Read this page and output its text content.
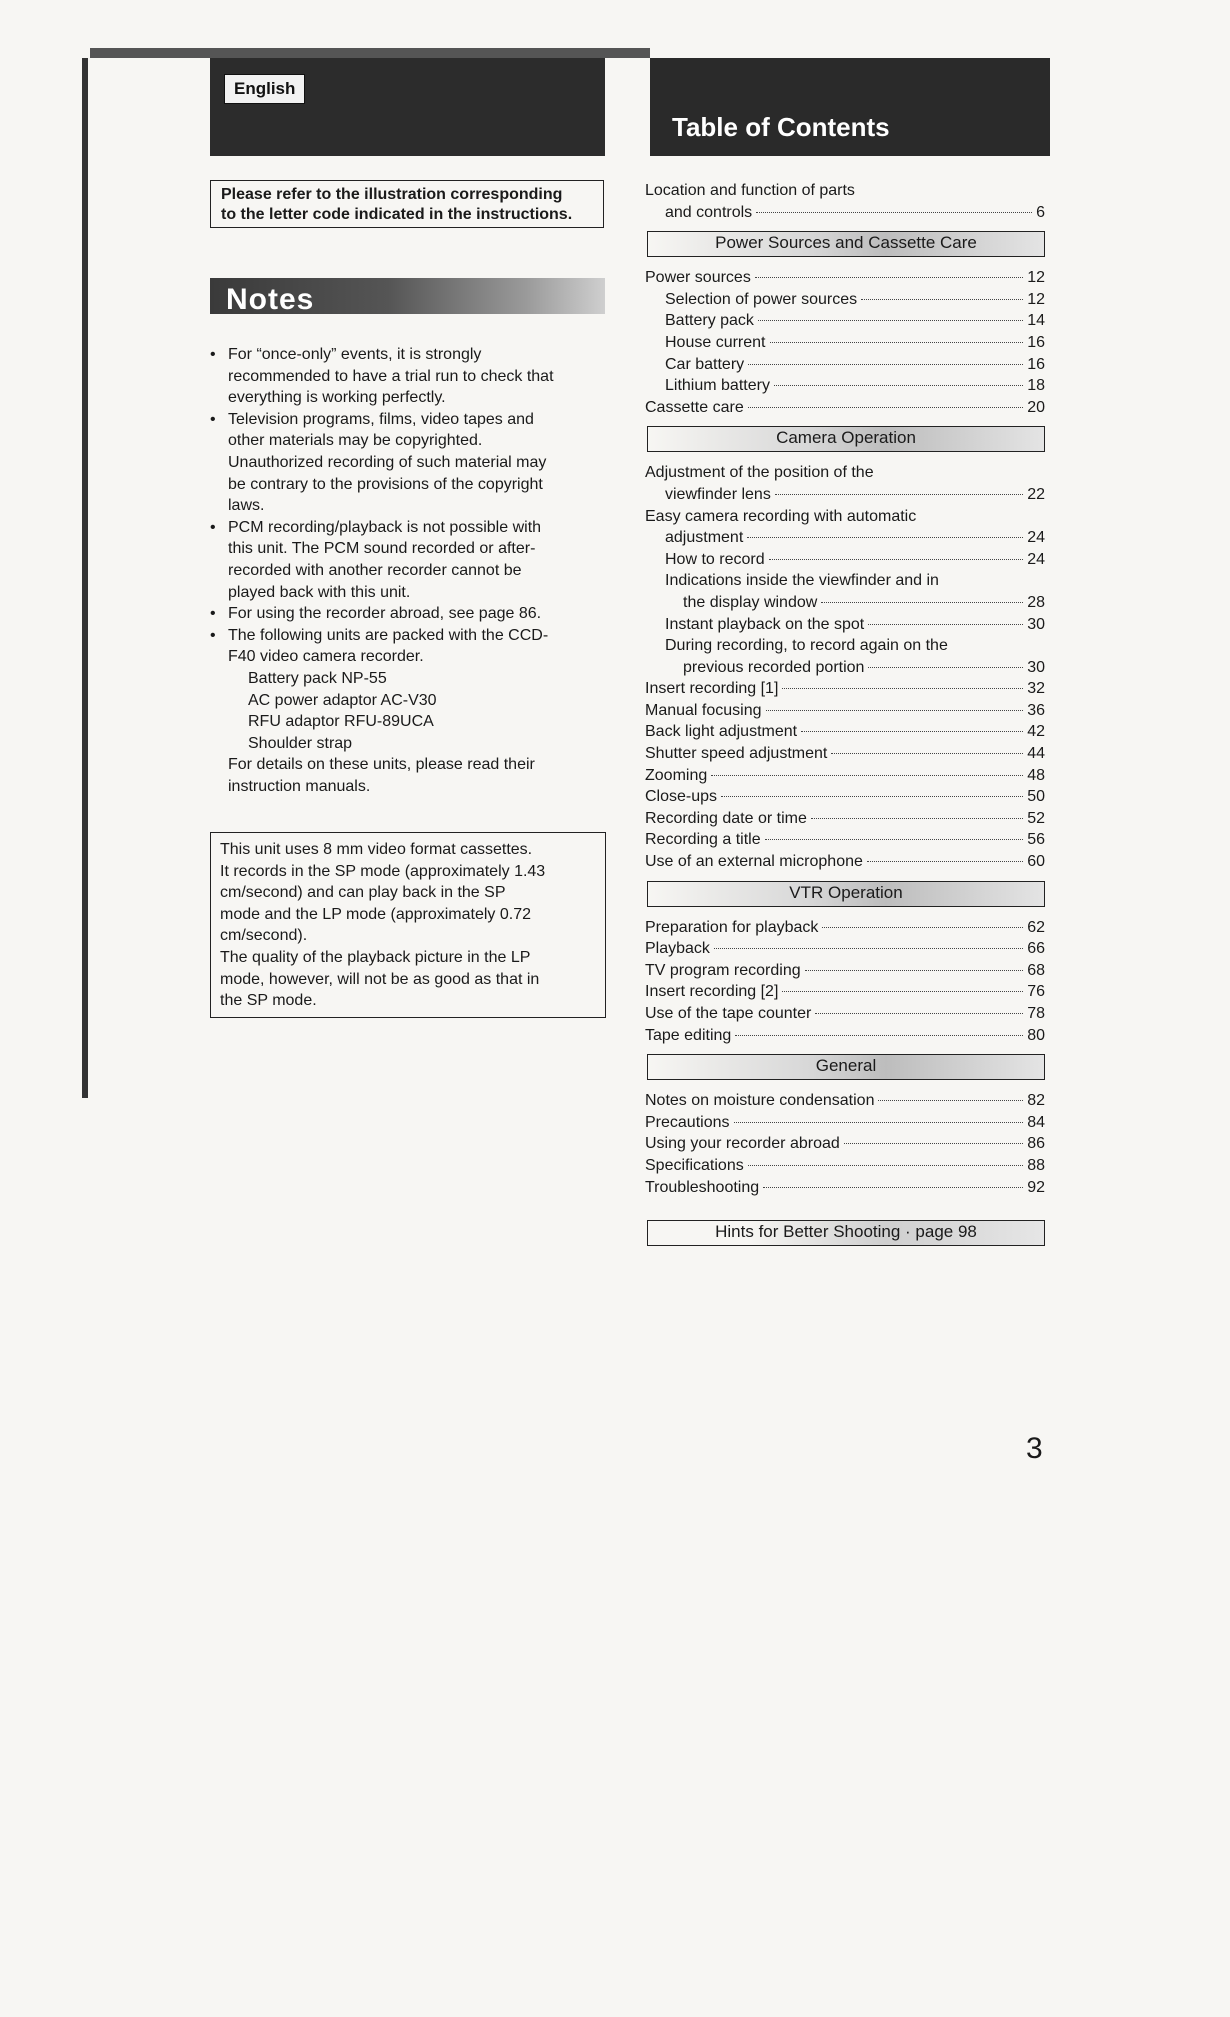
English
Table of Contents
Please refer to the illustration corresponding
to the letter code indicated in the instructions.
Notes
• For “once-only” events, it is strongly
recommended to have a trial run to check that
everything is working perfectly.
• Television programs, films, video tapes and
other materials may be copyrighted.
Unauthorized recording of such material may
be contrary to the provisions of the copyright
laws.
• PCM recording/playback is not possible with
this unit. The PCM sound recorded or after-
recorded with another recorder cannot be
played back with this unit.
• For using the recorder abroad, see page 86.
• The following units are packed with the CCD-
F40 video camera recorder.
Battery pack NP-55
AC power adaptor AC-V30
RFU adaptor RFU-89UCA
Shoulder strap
For details on these units, please read their
instruction manuals.
This unit uses 8 mm video format cassettes.
It records in the SP mode (approximately 1.43
cm/second) and can play back in the SP
mode and the LP mode (approximately 0.72
cm/second).
The quality of the playback picture in the LP
mode, however, will not be as good as that in
the SP mode.
Location and function of parts
and controls	6
Power Sources and Cassette Care
Power sources	12
Selection of power sources	12
Battery pack	14
House current	16
Car battery	16
Lithium battery	18
Cassette care	20
Camera Operation
Adjustment of the position of the
viewfinder lens	22
Easy camera recording with automatic
adjustment	24
How to record	24
Indications inside the viewfinder and in
the display window	28
Instant playback on the spot	30
During recording, to record again on the
previous recorded portion	30
Insert recording [1]	32
Manual focusing	36
Back light adjustment	42
Shutter speed adjustment	44
Zooming	48
Close-ups	50
Recording date or time	52
Recording a title	56
Use of an external microphone	60
VTR Operation
Preparation for playback	62
Playback	66
TV program recording	68
Insert recording [2]	76
Use of the tape counter	78
Tape editing	80
General
Notes on moisture condensation	82
Precautions	84
Using your recorder abroad	86
Specifications	88
Troubleshooting	92
Hints for Better Shooting · page 98
3
